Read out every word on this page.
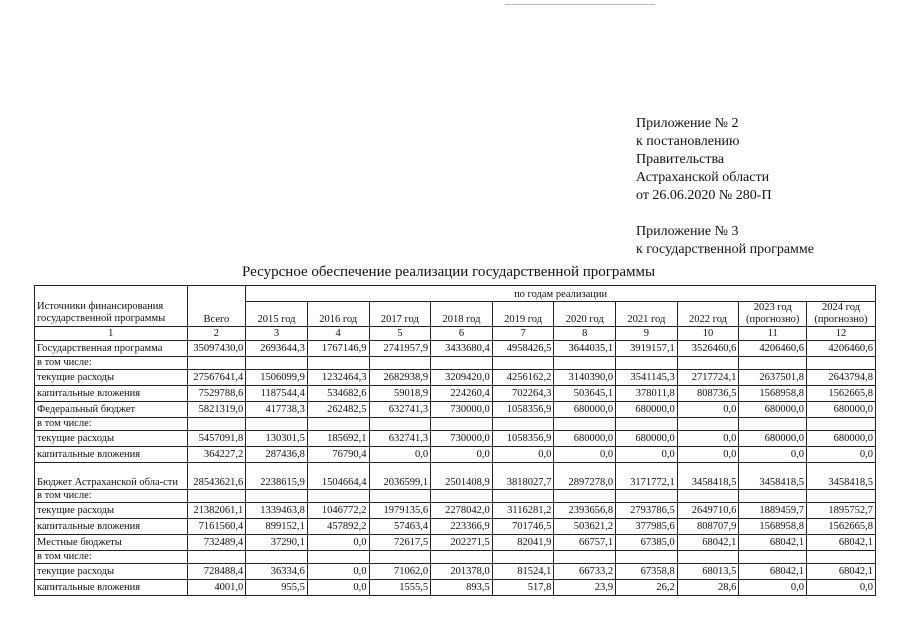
Приложение № 2
к постановлению
Правительства
Астраханской области
от 26.06.2020 № 280-П
Приложение № 3
к государственной программе
Ресурсное обеспечение реализации государственной программы
Источники финансирования государственной программы	Всего	по годам реализации									
		2015 год	2016 год	2017 год	2018 год	2019 год	2020 год	2021 год	2022 год	2023 год (прогнозно)	2024 год (прогнозно)
1	2	3	4	5	6	7	8	9	10	11	12
Государственная программа	35097430,0	2693644,3	1767146,9	2741957,9	3433680,4	4958426,5	3644035,1	3919157,1	3526460,6	4206460,6	4206460,6
в том числе:											
текущие расходы	27567641,4	1506099,9	1232464,3	2682938,9	3209420,0	4256162,2	3140390,0	3541145,3	2717724,1	2637501,8	2643794,8
капитальные вложения	7529788,6	1187544,4	534682,6	59018,9	224260,4	702264,3	503645,1	378011,8	808736,5	1568958,8	1562665,8
Федеральный бюджет	5821319,0	417738,3	262482,5	632741,3	730000,0	1058356,9	680000,0	680000,0	0,0	680000,0	680000,0
в том числе:											
текущие расходы	5457091,8	130301,5	185692,1	632741,3	730000,0	1058356,9	680000,0	680000,0	0,0	680000,0	680000,0
капитальные вложения	364227,2	287436,8	76790,4	0,0	0,0	0,0	0,0	0,0	0,0	0,0	0,0
Бюджет Астраханской обла-сти	28543621,6	2238615,9	1504664,4	2036599,1	2501408,9	3818027,7	2897278,0	3171772,1	3458418,5	3458418,5	3458418,5
в том числе:											
текущие расходы	21382061,1	1339463,8	1046772,2	1979135,6	2278042,0	3116281,2	2393656,8	2793786,5	2649710,6	1889459,7	1895752,7
капитальные вложения	7161560,4	899152,1	457892,2	57463,4	223366,9	701746,5	503621,2	377985,6	808707,9	1568958,8	1562665,8
Местные бюджеты	732489,4	37290,1	0,0	72617,5	202271,5	82041,9	66757,1	67385,0	68042,1	68042,1	68042,1
в том числе:											
текущие расходы	728488,4	36334,6	0,0	71062,0	201378,0	81524,1	66733,2	67358,8	68013,5	68042,1	68042,1
капитальные вложения	4001,0	955,5	0,0	1555,5	893,5	517,8	23,9	26,2	28,6	0,0	0,0
